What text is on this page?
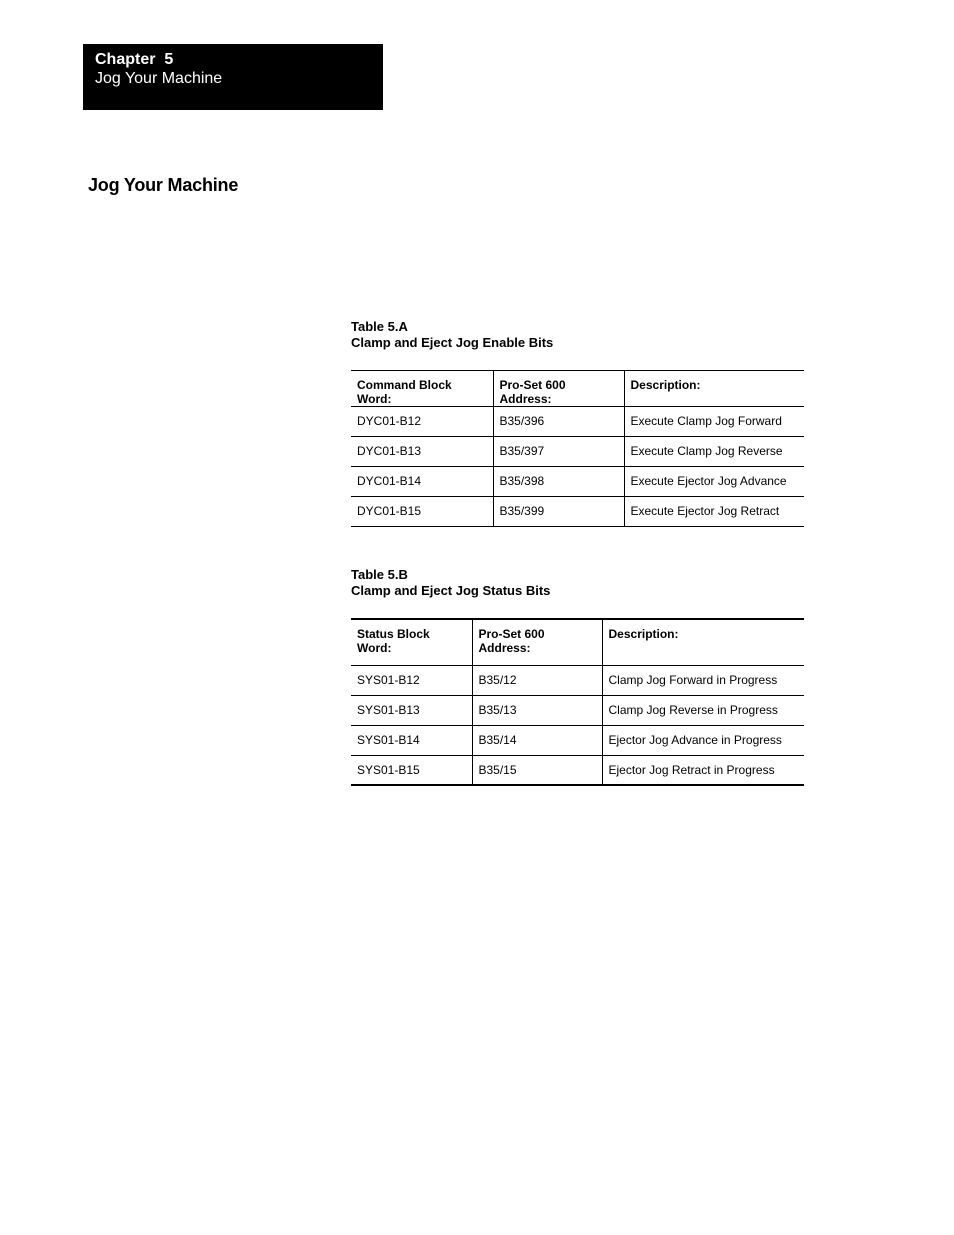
Chapter  5
Jog Your Machine
Jog Your Machine
Table 5.A
Clamp and Eject Jog Enable Bits
Command Block Word:	Pro-Set 600 Address:	Description:
DYC01-B12	B35/396	Execute Clamp Jog Forward
DYC01-B13	B35/397	Execute Clamp Jog Reverse
DYC01-B14	B35/398	Execute Ejector Jog Advance
DYC01-B15	B35/399	Execute Ejector Jog Retract
Table 5.B
Clamp and Eject Jog Status Bits
Status Block Word:	Pro-Set 600 Address:	Description:
SYS01-B12	B35/12	Clamp Jog Forward in Progress
SYS01-B13	B35/13	Clamp Jog Reverse in Progress
SYS01-B14	B35/14	Ejector Jog Advance in Progress
SYS01-B15	B35/15	Ejector Jog Retract in Progress
